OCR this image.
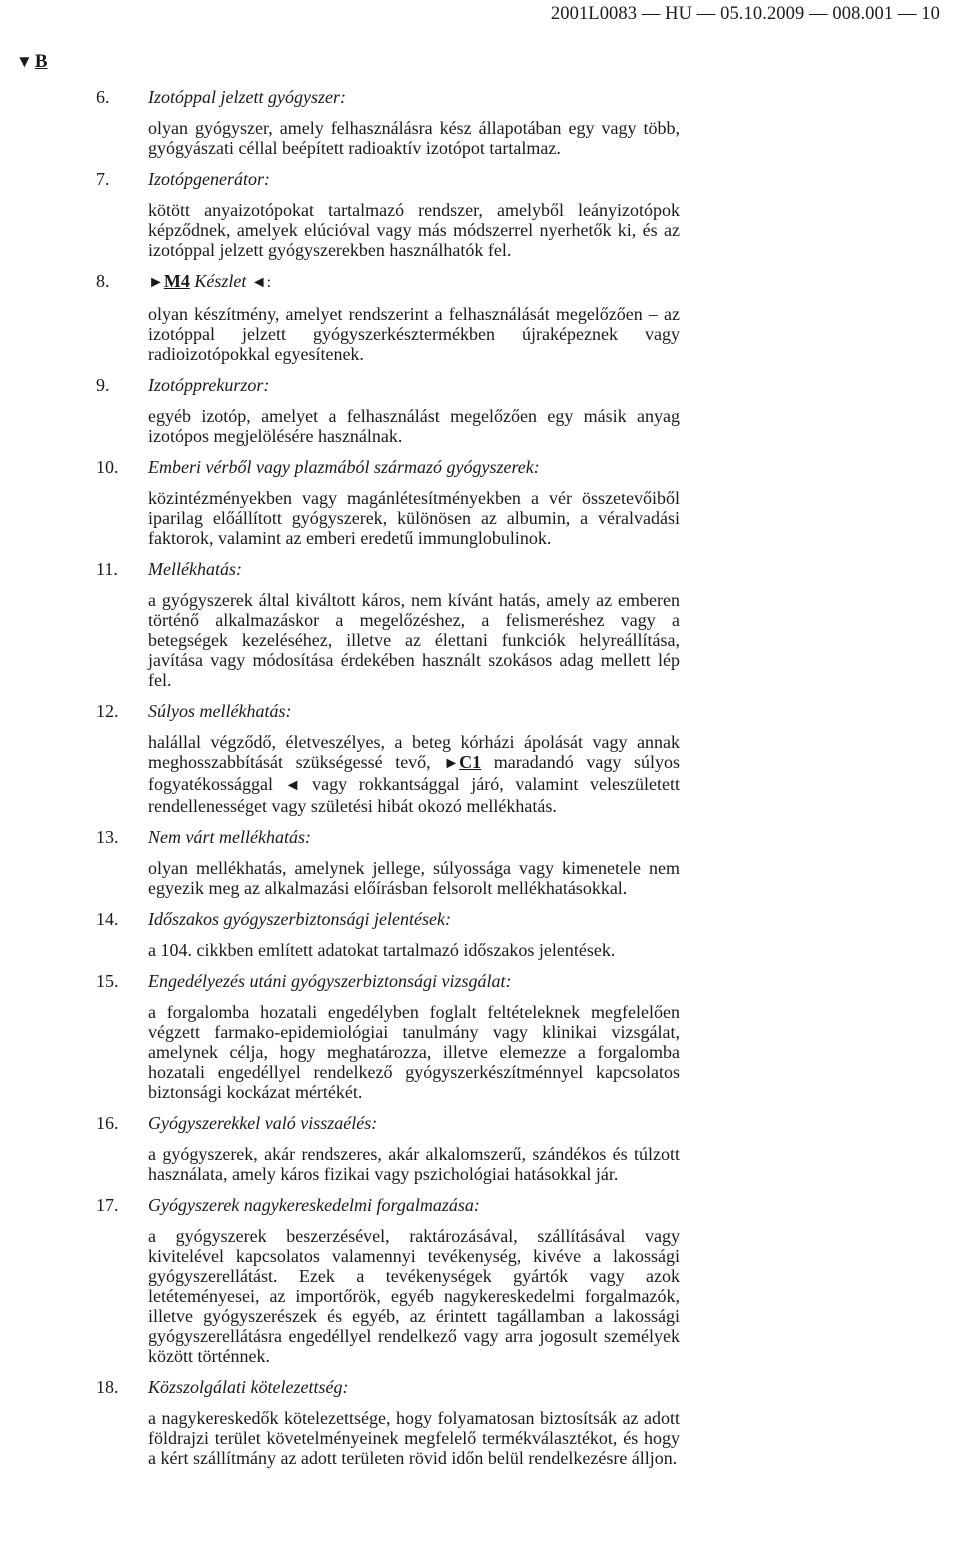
2001L0083 — HU — 05.10.2009 — 008.001 — 10
▼ B
6. Izotóppal jelzett gyógyszer:
olyan gyógyszer, amely felhasználásra kész állapotában egy vagy több, gyógyászati céllal beépített radioaktív izotópot tartalmaz.
7. Izotópgenerátor:
kötött anyaizotópokat tartalmazó rendszer, amelyből leányizotópok képződnek, amelyek elúcióval vagy más módszerrel nyerhetők ki, és az izotóppal jelzett gyógyszerekben használhatók fel.
8. ►M4 Készlet ◄:
olyan készítmény, amelyet rendszerint a felhasználását megelőzően – az izotóppal jelzett gyógyszerkésztermékben újraképeznek vagy radioizotópokkal egyesítenek.
9. Izotópprekurzor:
egyéb izotóp, amelyet a felhasználást megelőzően egy másik anyag izotópos megjelölésére használnak.
10. Emberi vérből vagy plazmából származó gyógyszerek:
közintézményekben vagy magánlétesítményekben a vér összetevőiből iparilag előállított gyógyszerek, különösen az albumin, a véralvadási faktorok, valamint az emberi eredetű immunglobulinok.
11. Mellékhatás:
a gyógyszerek által kiváltott káros, nem kívánt hatás, amely az emberen történő alkalmazáskor a megelőzéshez, a felismeréshez vagy a betegségek kezeléséhez, illetve az élettani funkciók helyreállítása, javítása vagy módosítása érdekében használt szokásos adag mellett lép fel.
12. Súlyos mellékhatás:
halállal végződő, életveszélyes, a beteg kórházi ápolását vagy annak meghosszabbítását szükségessé tevő, ►C1 maradandó vagy súlyos fogyatékossággal ◄ vagy rokkantsággal járó, valamint veleszületett rendellenességet vagy születési hibát okozó mellékhatás.
13. Nem várt mellékhatás:
olyan mellékhatás, amelynek jellege, súlyossága vagy kimenetele nem egyezik meg az alkalmazási előírásban felsorolt mellékhatásokkal.
14. Időszakos gyógyszerbiztonsági jelentések:
a 104. cikkben említett adatokat tartalmazó időszakos jelentések.
15. Engedélyezés utáni gyógyszerbiztonsági vizsgálat:
a forgalomba hozatali engedélyben foglalt feltételeknek megfelelően végzett farmako-epidemiológiai tanulmány vagy klinikai vizsgálat, amelynek célja, hogy meghatározza, illetve elemezze a forgalomba hozatali engedéllyel rendelkező gyógyszerkészítménnyel kapcsolatos biztonsági kockázat mértékét.
16. Gyógyszerekkel való visszaélés:
a gyógyszerek, akár rendszeres, akár alkalomszerű, szándékos és túlzott használata, amely káros fizikai vagy pszichológiai hatásokkal jár.
17. Gyógyszerek nagykereskedelmi forgalmazása:
a gyógyszerek beszerzésével, raktározásával, szállításával vagy kivitelével kapcsolatos valamennyi tevékenység, kivéve a lakossági gyógyszerellátást. Ezek a tevékenységek gyártók vagy azok letéteményesei, az importőrök, egyéb nagykereskedelmi forgalmazók, illetve gyógyszerészek és egyéb, az érintett tagállamban a lakossági gyógyszerellátásra engedéllyel rendelkező vagy arra jogosult személyek között történnek.
18. Közszolgálati kötelezettség:
a nagykereskedők kötelezettsége, hogy folyamatosan biztosítsák az adott földrajzi terület követelményeinek megfelelő termékválasztékot, és hogy a kért szállítmány az adott területen rövid időn belül rendelkezésre álljon.
